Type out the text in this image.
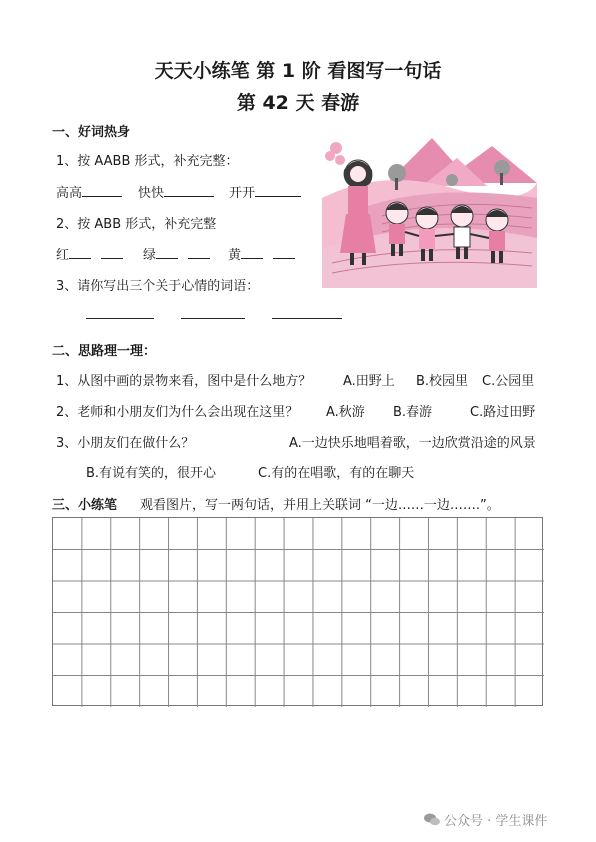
天天小练笔 第 1 阶 看图写一句话
第 42 天 春游
一、好词热身
1、按 AABB 形式，补充完整：
高高	快快	开开
2、按 ABB 形式，补充完整
红	绿	黄
3、请你写出三个关于心情的词语：
二、思路理一理：
1、从图中画的景物来看，图中是什么地方？ A.田野上 B.校园里 C.公园里
2、老师和小朋友们为什么会出现在这里？ A.秋游 B.春游	C.路过田野
3、小朋友们在做什么？	A.一边快乐地唱着歌，一边欣赏沿途的风景
B.有说有笑的，很开心	C.有的在唱歌，有的在聊天
三、小练笔 观看图片，写一两句话，并用上关联词 “一边……一边…….”。
公众号 · 学生课件
